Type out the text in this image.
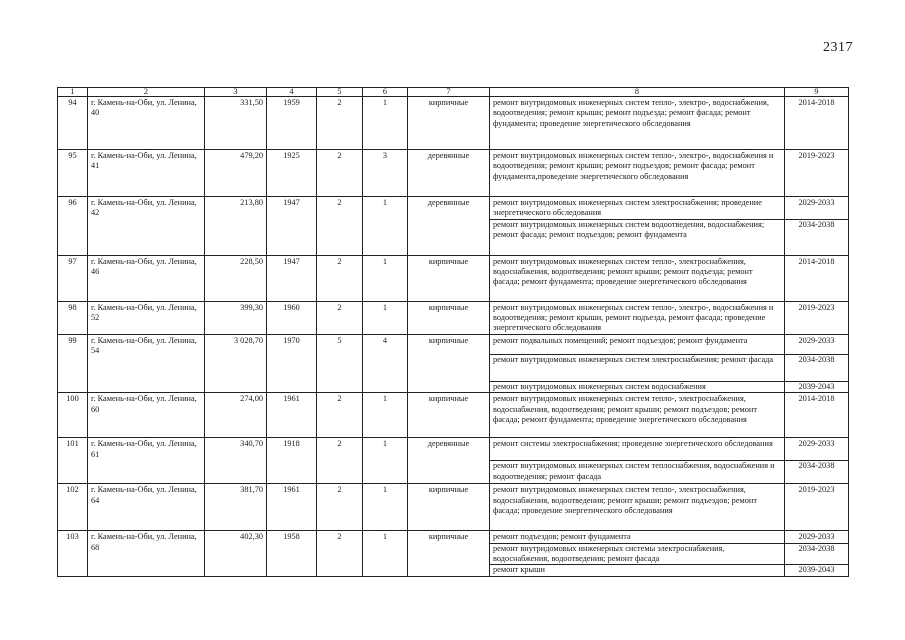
2317
1	2	3	4	5	6	7	8	9
94	г. Камень-на-Оби, ул. Ленина, 40	331,50	1959	2	1	кирпичные	ремонт внутридомовых инженерных систем тепло-, электро-, водоснабжения, водоотведения; ремонт крыши; ремонт подъезда; ремонт фасада; ремонт фундамента; проведение энергетического обследования	2014-2018
95	г. Камень-на-Оби, ул. Ленина, 41	479,20	1925	2	3	деревянные	ремонт внутридомовых инженерных систем тепло-, электро-, водоснабжения и водоотведения; ремонт крыши; ремонт подъездов; ремонт фасада; ремонт фундамента,проведение энергетического обследования	2019-2023
96	г. Камень-на-Оби, ул. Ленина, 42	213,80	1947	2	1	деревянные	ремонт внутридомовых инженерных систем электроснабжения; проведение энергетического обследования	2029-2033
							ремонт внутридомовых инженерных систем водоотведения, водоснабжения; ремонт фасада; ремонт подъездов; ремонт фундамента	2034-2038
97	г. Камень-на-Оби, ул. Ленина, 46	228,50	1947	2	1	кирпичные	ремонт внутридомовых инженерных систем тепло-, электроснабжения, водоснабжения, водоотведения; ремонт крыши; ремонт подъезда; ремонт фасада; ремонт фундамента; проведение энергетического обследования	2014-2018
98	г. Камень-на-Оби, ул. Ленина, 52	399,30	1960	2	1	кирпичные	ремонт внутридомовых инженерных систем тепло-, электро-, водоснабжения и водоотведения; ремонт крыши, ремонт подъезда, ремонт фасада; проведение энергетического обследования	2019-2023
99	г. Камень-на-Оби, ул. Ленина, 54	3 028,70	1970	5	4	кирпичные	ремонт подвальных помещений; ремонт подъездов; ремонт фундамента	2029-2033
							ремонт внутридомовых инженерных систем электроснабжения; ремонт фасада	2034-2038
							ремонт внутридомовых инженерных систем водоснабжения	2039-2043
100	г. Камень-на-Оби, ул. Ленина, 60	274,00	1961	2	1	кирпичные	ремонт внутридомовых инженерных систем тепло-, электроснабжения, водоснабжения, водоотведения; ремонт крыши; ремонт подъездов; ремонт фасада; ремонт фундамента; проведение энергетического обследования	2014-2018
101	г. Камень-на-Оби, ул. Ленина, 61	340,70	1918	2	1	деревянные	ремонт системы электроснабжения; проведение энергетического обследования	2029-2033
							ремонт внутридомовых инженерных систем теплоснабжения, водоснабжения и водоотведения; ремонт фасада	2034-2038
102	г. Камень-на-Оби, ул. Ленина, 64	381,70	1961	2	1	кирпичные	ремонт внутридомовых инженерных систем тепло-, электроснабжения, водоснабжения, водоотведения; ремонт крыши; ремонт подъездов; ремонт фасада; проведение энергетического обследования	2019-2023
103	г. Камень-на-Оби, ул. Ленина, 68	402,30	1958	2	1	кирпичные	ремонт подъездов; ремонт фундамента	2029-2033
							ремонт внутридомовых инженерных системы электроснабжения, водоснабжения, водоотведения; ремонт фасада	2034-2038
							ремонт крыши	2039-2043
